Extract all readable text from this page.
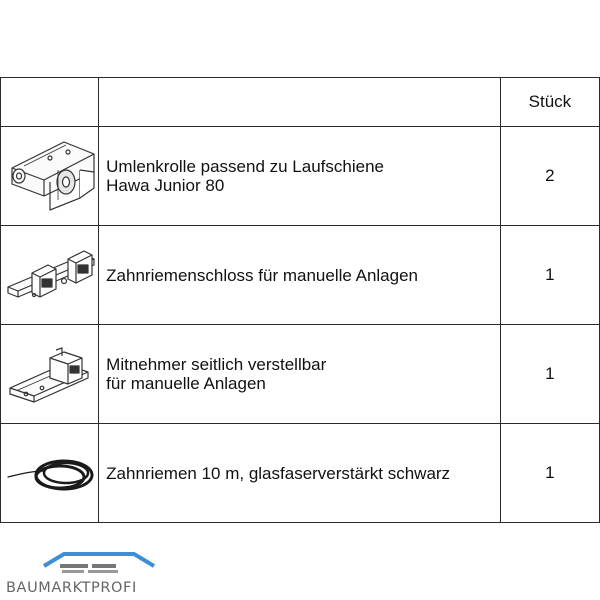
		Stück

Umlenkrolle passend zu Laufschiene
Hawa Junior 80	2

Zahnriemenschloss für manuelle Anlagen	1

Mitnehmer seitlich verstellbar
für manuelle Anlagen	1

Zahnriemen 10 m, glasfaserverstärkt schwarz	1
BAUMARKTPROFI
